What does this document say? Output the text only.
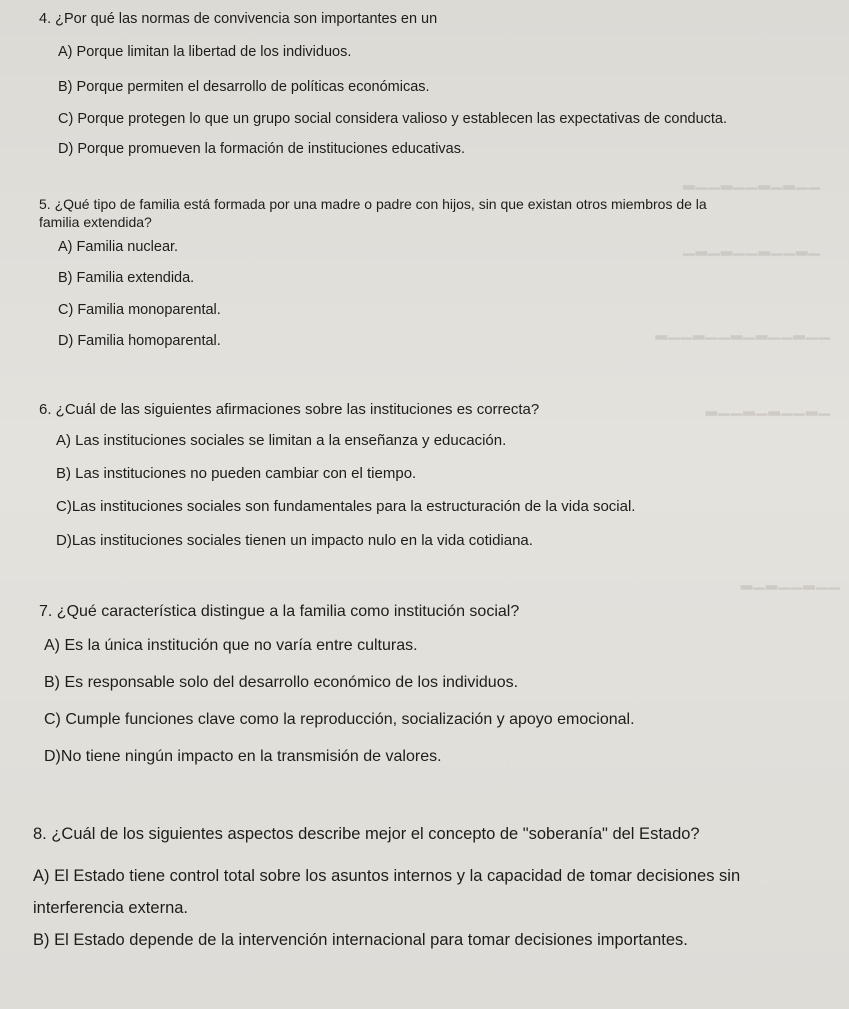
▁▁▂▁▂▁▁▂▁▁▂
▁▂▁▁▂▁▁▂▁▂▁
▁▁▂▁▁▂▁▂▁▁▂▁▁▂
▁▂▁▁▂▁▂▁▁▂
▁▁▂▁▁▂▁▂
4. ¿Por qué las normas de convivencia son importantes en un
A) Porque limitan la libertad de los individuos.
B) Porque permiten el desarrollo de políticas económicas.
C) Porque protegen lo que un grupo social considera valioso y establecen las expectativas de conducta.
D) Porque promueven la formación de instituciones educativas.
5. ¿Qué tipo de familia está formada por una madre o padre con hijos, sin que existan otros miembros de la familia extendida?
A) Familia nuclear.
B) Familia extendida.
C) Familia monoparental.
D) Familia homoparental.
6. ¿Cuál de las siguientes afirmaciones sobre las instituciones es correcta?
A) Las instituciones sociales se limitan a la enseñanza y educación.
B) Las instituciones no pueden cambiar con el tiempo.
C)Las instituciones sociales son fundamentales para la estructuración de la vida social.
D)Las instituciones sociales tienen un impacto nulo en la vida cotidiana.
7. ¿Qué característica distingue a la familia como institución social?
A) Es la única institución que no varía entre culturas.
B) Es responsable solo del desarrollo económico de los individuos.
C) Cumple funciones clave como la reproducción, socialización y apoyo emocional.
D)No tiene ningún impacto en la transmisión de valores.
8. ¿Cuál de los siguientes aspectos describe mejor el concepto de "soberanía" del Estado?
A) El Estado tiene control total sobre los asuntos internos y la capacidad de tomar decisiones sin interferencia externa.
B) El Estado depende de la intervención internacional para tomar decisiones importantes.
